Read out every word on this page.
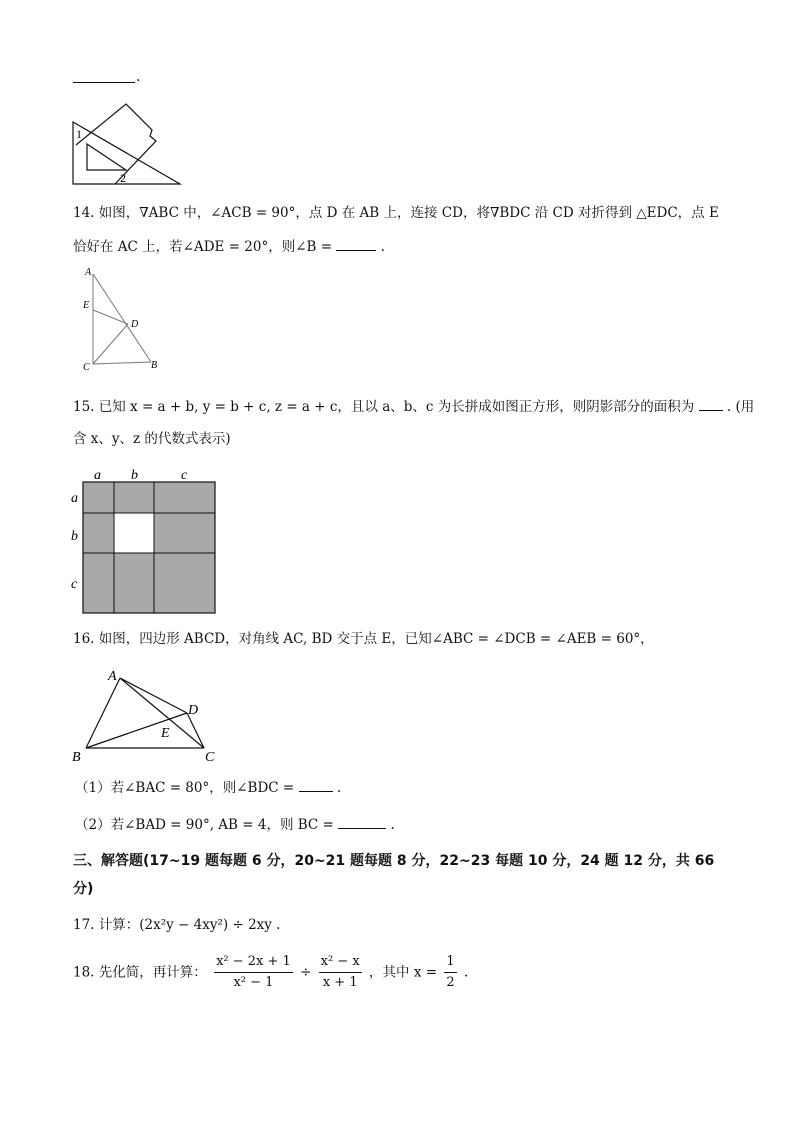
.
1
2
14. 如图，∇ABC 中，∠ACB = 90°，点 D 在 AB 上，连接 CD，将∇BDC 沿 CD 对折得到 △EDC，点 E
恰好在 AC 上，若∠ADE = 20°，则∠B =	.
A
E
D
C	B
15. 已知 x = a + b, y = b + c, z = a + c，且以 a、b、c 为长拼成如图正方形，则阴影部分的面积为 . (用
含 x、y、z 的代数式表示)
a b	c
a
b
c
16. 如图，四边形 ABCD，对角线 AC, BD 交于点 E，已知∠ABC = ∠DCB = ∠AEB = 60°，
A
D
E
B	C
（1）若∠BAC = 80°，则∠BDC =	.
（2）若∠BAD = 90°, AB = 4，则 BC =	.
三、解答题(17~19 题每题 6 分，20~21 题每题 8 分，22~23 每题 10 分，24 题 12 分，共 66
分)
17. 计算：(2x²y − 4xy²) ÷ 2xy .
18. 先化简，再计算： $\frac{\text{x² − 2x + 1}}{\text{x² − 1}} \div \frac{\text{x² − x}}{x + 1}$ ，其中 $x = \frac{1}{2}$ .
